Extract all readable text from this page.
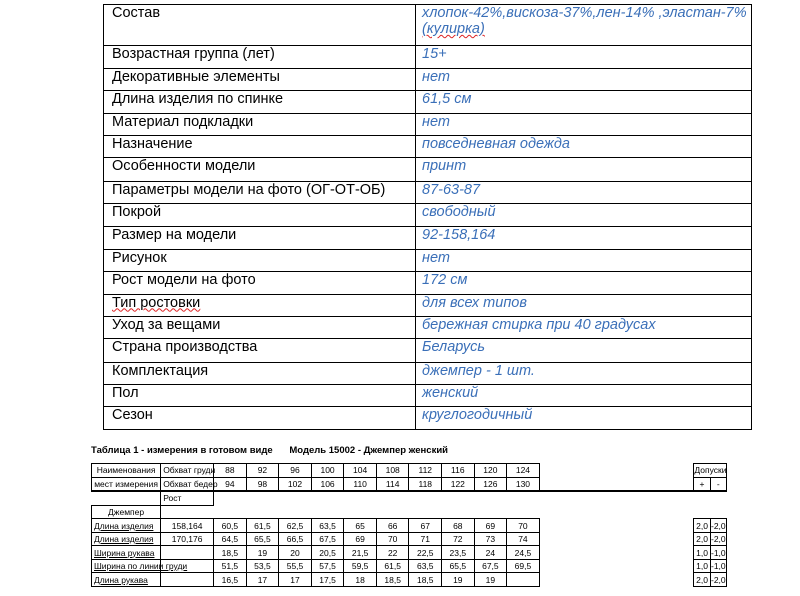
Состав	хлопок-42%,вискоза-37%,лен-14% ,эластан-7% (кулирка)
Возрастная группа (лет)	15+
Декоративные элементы	нет
Длина изделия по спинке	61,5 см
Материал подкладки	нет
Назначение	повседневная одежда
Особенности модели	принт
Параметры модели на фото (ОГ-ОТ-ОБ)	87-63-87
Покрой	свободный
Размер на модели	92-158,164
Рисунок	нет
Рост модели на фото	172 см
Тип ростовки	для всех типов
Уход за вещами	бережная стирка при 40 градусах
Страна производства	Беларусь
Комплектация	джемпер - 1 шт.
Пол	женский
Сезон	круглогодичный
Таблица 1 - измерения в готовом виде Модель 15002 - Джемпер женский
Наименования	Обхват груди	88	92	96	100	104	108	112	116	120	124		Допуски	
мест измерения	Обхват бедер	94	98	102	106	110	114	118	122	126	130		+	-
	Рост													
Джемпер														
Длина изделия	158,164	60,5	61,5	62,5	63,5	65	66	67	68	69	70		2,0	-2,0
Длина изделия	170,176	64,5	65,5	66,5	67,5	69	70	71	72	73	74		2,0	-2,0
Ширина рукава		18,5	19	20	20,5	21,5	22	22,5	23,5	24	24,5		1,0	-1,0
Ширина по линии груди		51,5	53,5	55,5	57,5	59,5	61,5	63,5	65,5	67,5	69,5		1,0	-1,0
Длина рукава		16,5	17	17	17,5	18	18,5	18,5	19	19			2,0	-2,0
